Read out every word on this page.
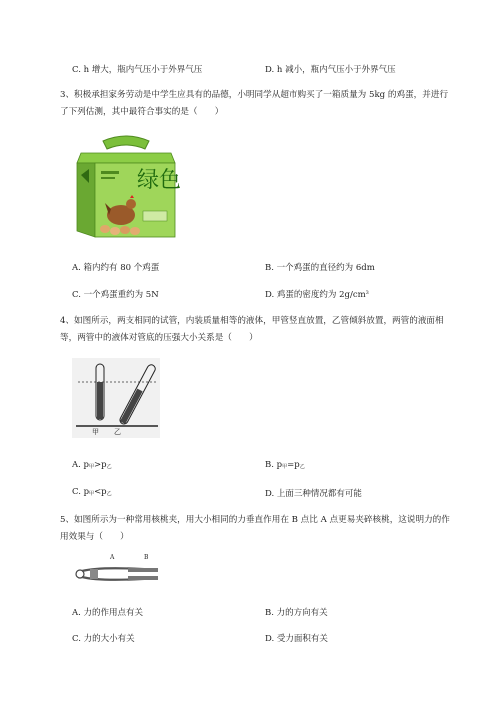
C. h 增大，瓶内气压小于外界气压	D. h 减小，瓶内气压小于外界气压
3、积极承担家务劳动是中学生应具有的品德，小明同学从超市购买了一箱质量为 5kg 的鸡蛋，并进行
了下列估测，其中最符合事实的是（　　）
绿色
A. 箱内约有 80 个鸡蛋	B. 一个鸡蛋的直径约为 6dm
C. 一个鸡蛋重约为 5N	D. 鸡蛋的密度约为 $2g/cm^3$
4、如图所示，两支相同的试管，内装质量相等的液体，甲管竖直放置，乙管倾斜放置，两管的液面相
等，两管中的液体对管底的压强大小关系是（　　）
甲 乙
A. $p_甲>p_乙$	B. $p_甲=p_乙$
C. $p_甲<p_乙$	D. 上面三种情况都有可能
5、如图所示为一种常用核桃夹，用大小相同的力垂直作用在 B 点比 A 点更易夹碎核桃，这说明力的作
用效果与（　　）
A	B
A. 力的作用点有关	B. 力的方向有关
C. 力的大小有关	D. 受力面积有关
